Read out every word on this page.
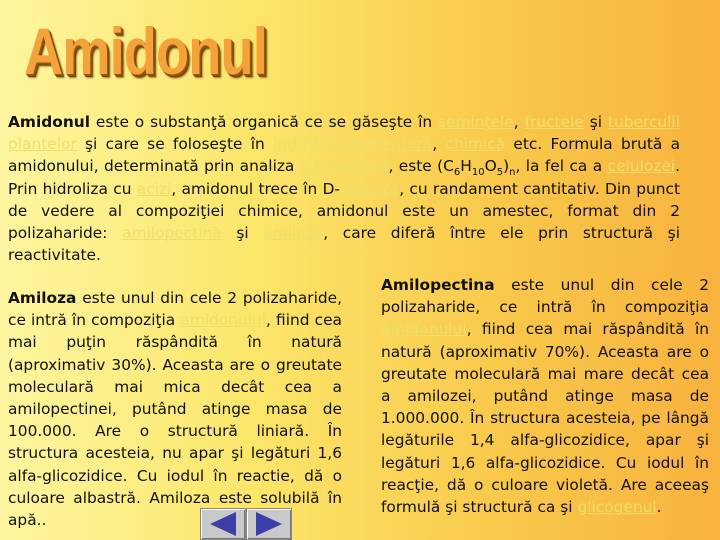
Amidonul

Amidonul este o substanţă organică ce se găseşte în seminţele, fructele şi tuberculii plantelor şi care se foloseşte în industria alimentară, chimică etc. Formula brută a amidonului, determinată prin analiza elementară, este $(C_6H_{10}O_5)_n$, la fel ca a celulozei. Prin hidroliza cu acizi, amidonul trece în D-glucoza, cu randament cantitativ. Din punct de vedere al compoziţiei chimice, amidonul este un amestec, format din 2 polizaharide: amilopectină şi amiloză, care diferă între ele prin structură şi reactivitate.

Amiloza este unul din cele 2 polizaharide, ce intră în compoziţia amidonului, fiind cea mai puţin răspândită în natură (aproximativ 30%). Aceasta are o greutate moleculară mai mica decât cea a amilopectinei, putând atinge masa de 100.000. Are o structură liniară. În structura acesteia, nu apar şi legături 1,6 alfa-glicozidice. Cu iodul în reactie, dă o culoare albastră. Amiloza este solubilă în apă..

Amilopectina este unul din cele 2 polizaharide, ce intră în compoziţia amidonului, fiind cea mai răspândită în natură (aproximativ 70%). Aceasta are o greutate moleculară mai mare decât cea a amilozei, putând atinge masa de 1.000.000. În structura acesteia, pe lângă legăturile 1,4 alfa-glicozidice, apar şi legături 1,6 alfa-glicozidice. Cu iodul în reacţie, dă o culoare violetă. Are aceeaş formulă şi structură ca şi glicogenul.
